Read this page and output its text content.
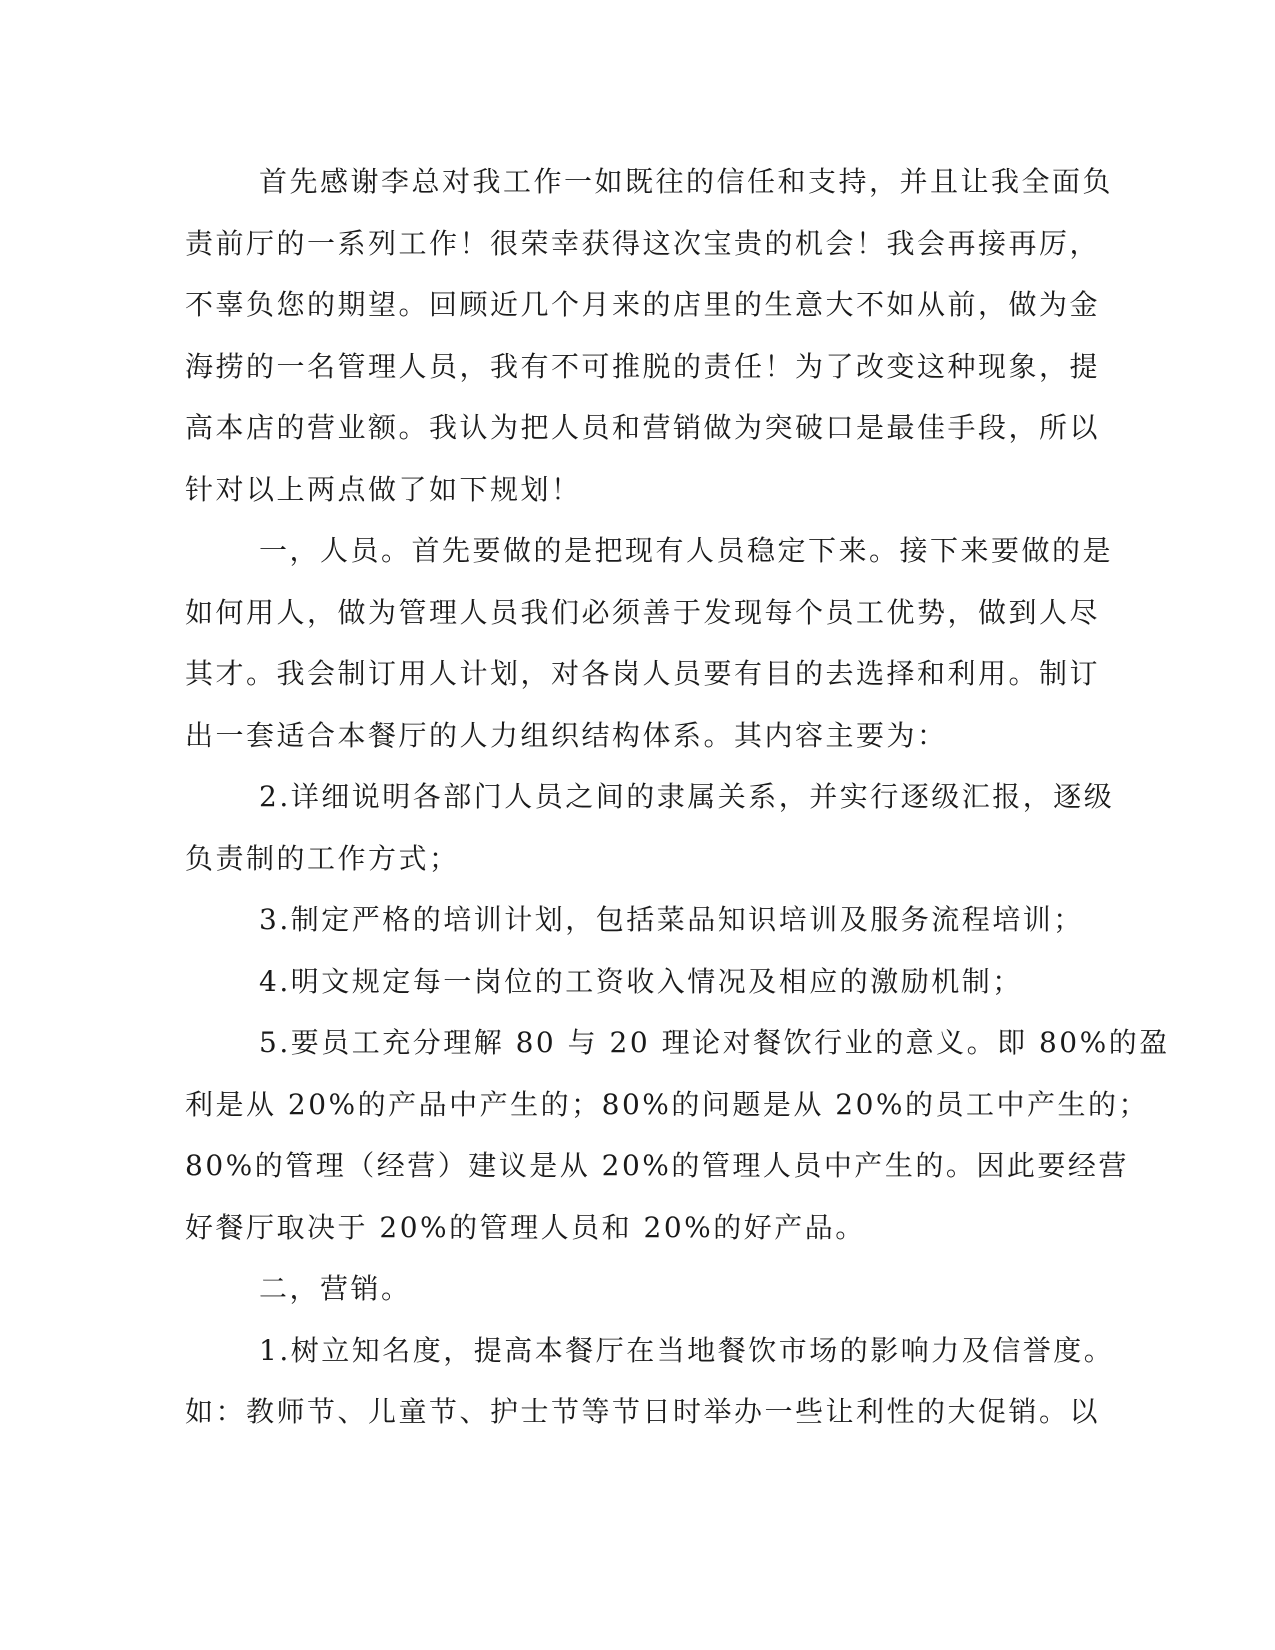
首先感谢李总对我工作一如既往的信任和支持，并且让我全面负
责前厅的一系列工作！很荣幸获得这次宝贵的机会！我会再接再厉，
不辜负您的期望。回顾近几个月来的店里的生意大不如从前，做为金
海捞的一名管理人员，我有不可推脱的责任！为了改变这种现象，提
高本店的营业额。我认为把人员和营销做为突破口是最佳手段，所以
针对以上两点做了如下规划！
一，人员。首先要做的是把现有人员稳定下来。接下来要做的是
如何用人，做为管理人员我们必须善于发现每个员工优势，做到人尽
其才。我会制订用人计划，对各岗人员要有目的去选择和利用。制订
出一套适合本餐厅的人力组织结构体系。其内容主要为：
2.详细说明各部门人员之间的隶属关系，并实行逐级汇报，逐级
负责制的工作方式；
3.制定严格的培训计划，包括菜品知识培训及服务流程培训；
4.明文规定每一岗位的工资收入情况及相应的激励机制；
5.要员工充分理解 80 与 20 理论对餐饮行业的意义。即 80%的盈
利是从 20%的产品中产生的；80%的问题是从 20%的员工中产生的；
80%的管理（经营）建议是从 20%的管理人员中产生的。因此要经营
好餐厅取决于 20%的管理人员和 20%的好产品。
二，营销。
1.树立知名度，提高本餐厅在当地餐饮市场的影响力及信誉度。
如：教师节、儿童节、护士节等节日时举办一些让利性的大促销。以
